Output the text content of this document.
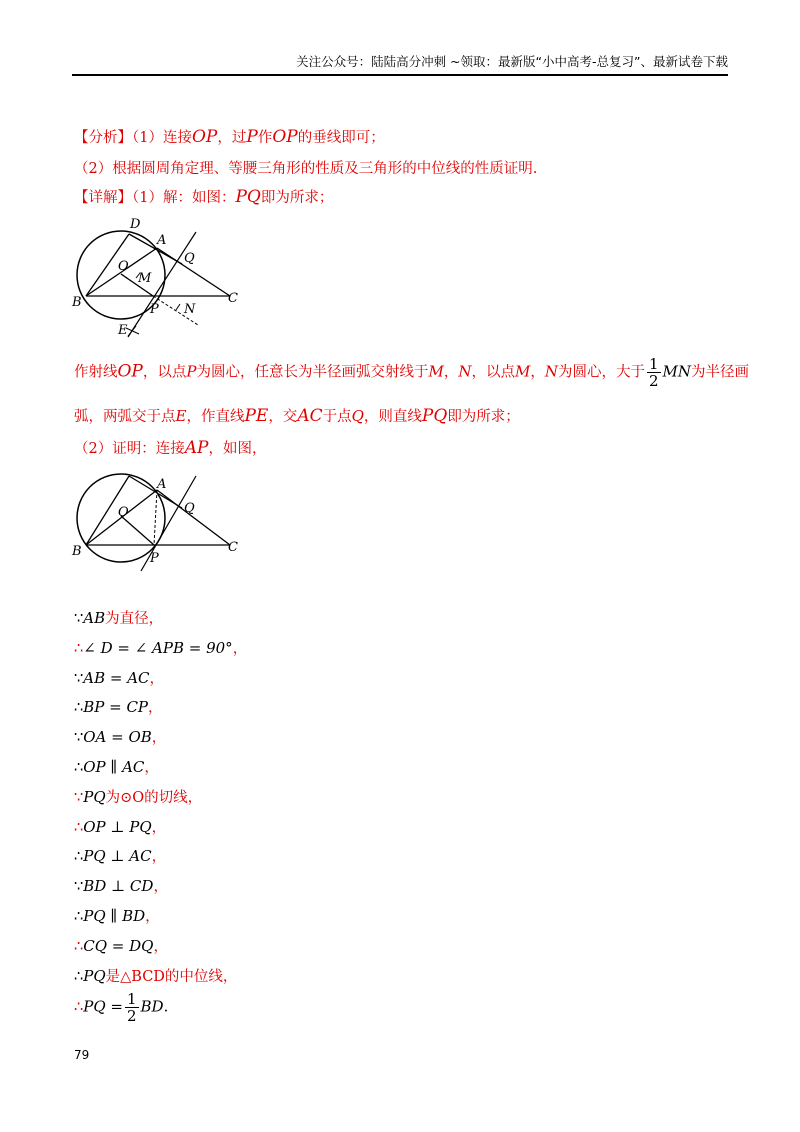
关注公众号：陆陆高分冲刺 ~领取：最新版“小中高考-总复习”、最新试卷下载
【分析】（1）连接OP，过P作OP的垂线即可；
（2）根据圆周角定理、等腰三角形的性质及三角形的中位线的性质证明.
【详解】（1）解：如图：PQ即为所求；
D
A
O
M
Q
B	P N
C
E
作射线OP，以点P为圆心，任意长为半径画弧交射线于M，N，以点M，N为圆心，大于 $\frac{1}{2}$ MN为半径画
弧，两弧交于点E，作直线PE，交AC于点Q，则直线PQ即为所求；
（2）证明：连接AP，如图，
A
O	Q
B	P
C
∵AB为直径，
∴∠ D = ∠ APB = 90°，
∵AB = AC，
∴BP = CP，
∵OA = OB，
∴OP ∥ AC，
∵PQ为⊙O的切线，
∴OP ⊥ PQ，
∴PQ ⊥ AC，
∵BD ⊥ CD，
∴PQ ∥ BD，
∴CQ = DQ，
∴PQ是△BCD的中位线，
∴PQ = $\frac{1}{2}$ BD.
79
